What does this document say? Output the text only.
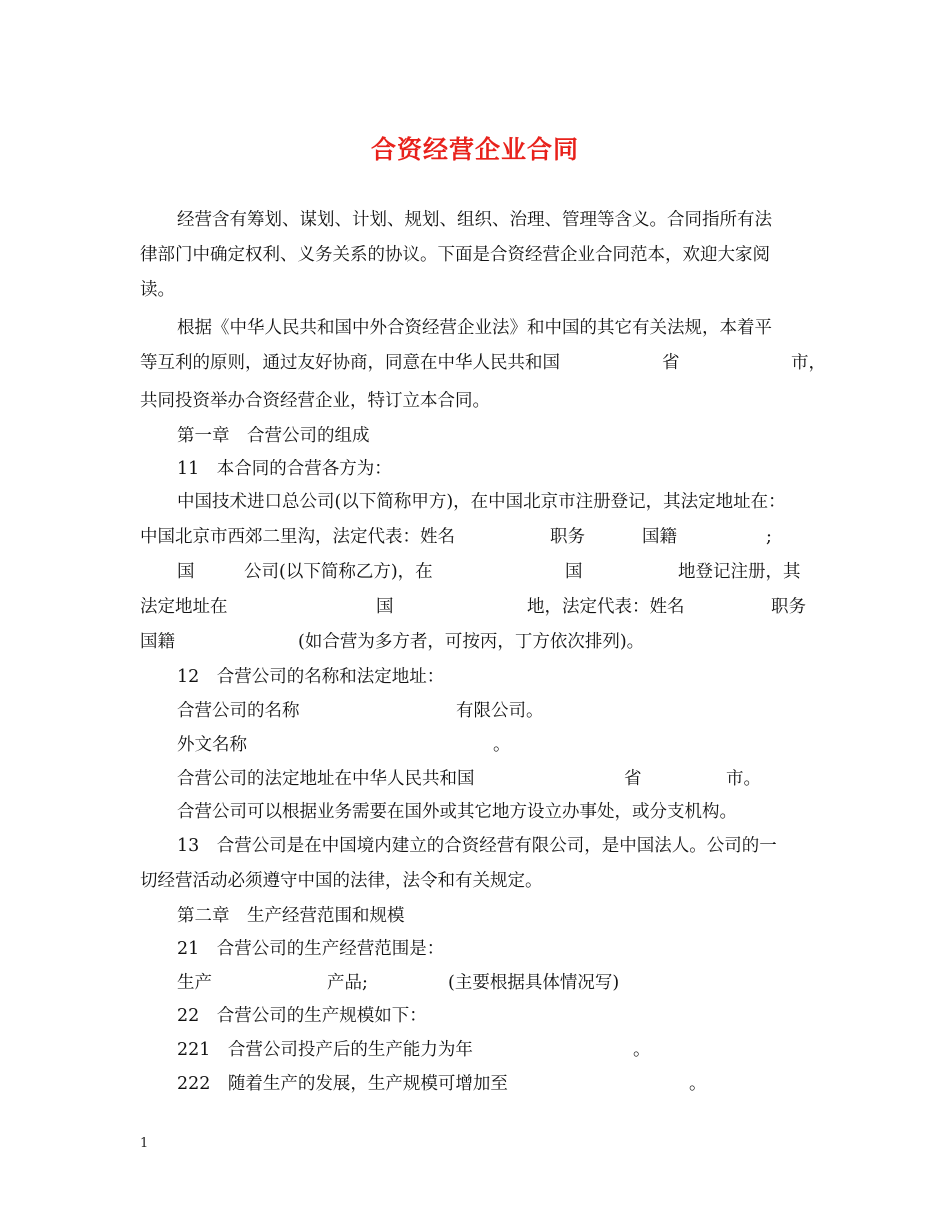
合资经营企业合同
经营含有筹划、谋划、计划、规划、组织、治理、管理等含义。合同指所有法
律部门中确定权利、义务关系的协议。下面是合资经营企业合同范本，欢迎大家阅
读。
根据《中华人民共和国中外合资经营企业法》和中国的其它有关法规，本着平
等互利的原则，通过友好协商，同意在中华人民共和国	省	市，
共同投资举办合资经营企业，特订立本合同。
第一章　合营公司的组成
11　本合同的合营各方为：
中国技术进口总公司(以下简称甲方)，在中国北京市注册登记，其法定地址在：
中国北京市西郊二里沟，法定代表：姓名	职务	国籍	;
国	公司(以下简称乙方)，在	国	地登记注册，其
法定地址在	国	地，法定代表：姓名	职务
国籍	(如合营为多方者，可按丙，丁方依次排列)。
12　合营公司的名称和法定地址：
合营公司的名称	有限公司。
外文名称	。
合营公司的法定地址在中华人民共和国	省	市。
合营公司可以根据业务需要在国外或其它地方设立办事处，或分支机构。
13　合营公司是在中国境内建立的合资经营有限公司，是中国法人。公司的一
切经营活动必须遵守中国的法律，法令和有关规定。
第二章　生产经营范围和规模
21　合营公司的生产经营范围是：
生产	产品;	(主要根据具体情况写)
22　合营公司的生产规模如下：
221　合营公司投产后的生产能力为年	。
222　随着生产的发展，生产规模可增加至	。
1
